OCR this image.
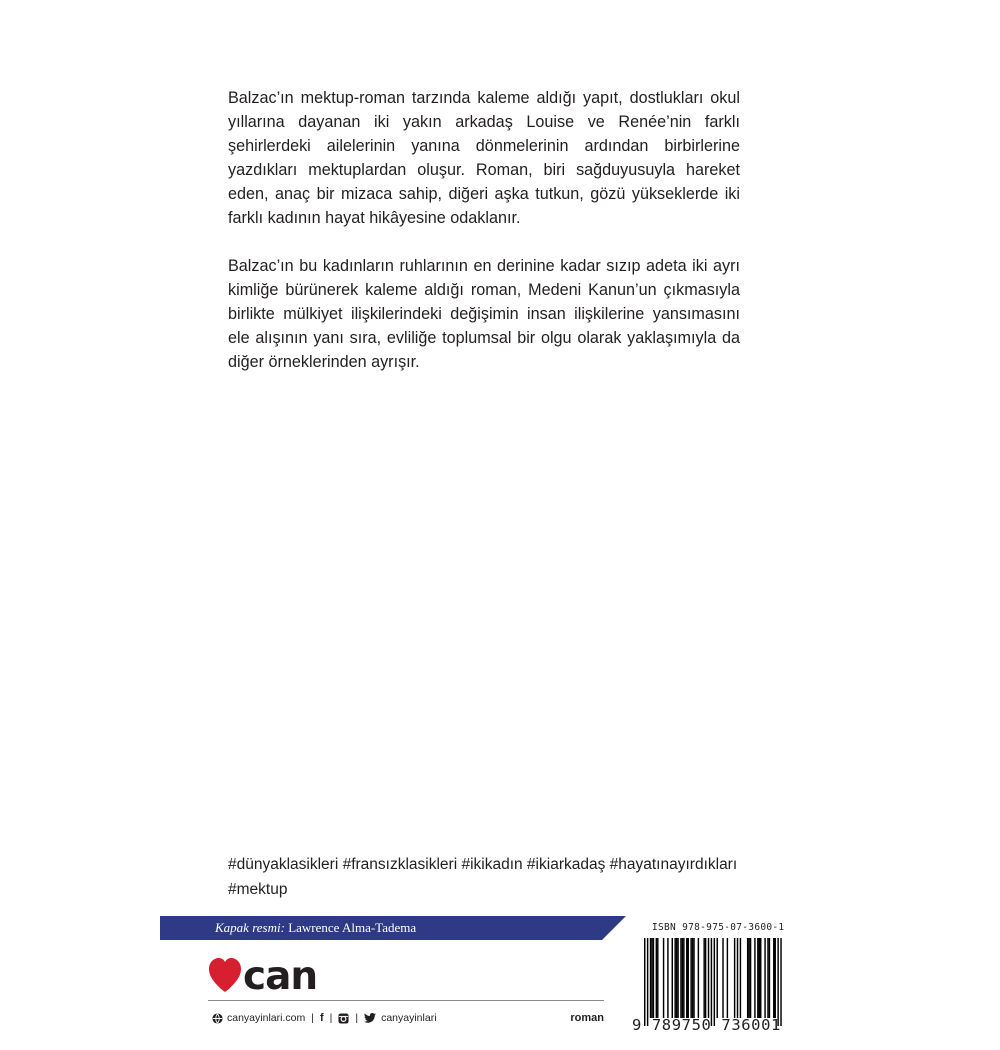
Balzac’ın mektup-roman tarzında kaleme aldığı yapıt, dostlukları okul yıllarına dayanan iki yakın arkadaş Louise ve Renée’nin farklı şehirlerdeki ailelerinin yanına dönmelerinin ardından birbirlerine yazdıkları mektuplardan oluşur. Roman, biri sağduyusuyla hareket eden, anaç bir mizaca sahip, diğeri aşka tutkun, gözü yükseklerde iki farklı kadının hayat hikâyesine odaklanır.

Balzac’ın bu kadınların ruhlarının en derinine kadar sızıp adeta iki ayrı kimliğe bürünerek kaleme aldığı roman, Medeni Kanun’un çıkmasıyla birlikte mülkiyet ilişkilerindeki değişimin insan ilişkilerine yansımasını ele alışının yanı sıra, evliliğe toplumsal bir olgu olarak yaklaşımıyla da diğer örneklerinden ayrışır.

#dünyaklasikleri #fransızklasikleri #ikikadın #ikiarkadaş #hayatınayırdıkları #mektup
Kapak resmi: Lawrence Alma-Tadema
can
canyayinlari.com | f | | canyayinlari	roman
ISBN 978-975-07-3600-1
9 789750 736001
